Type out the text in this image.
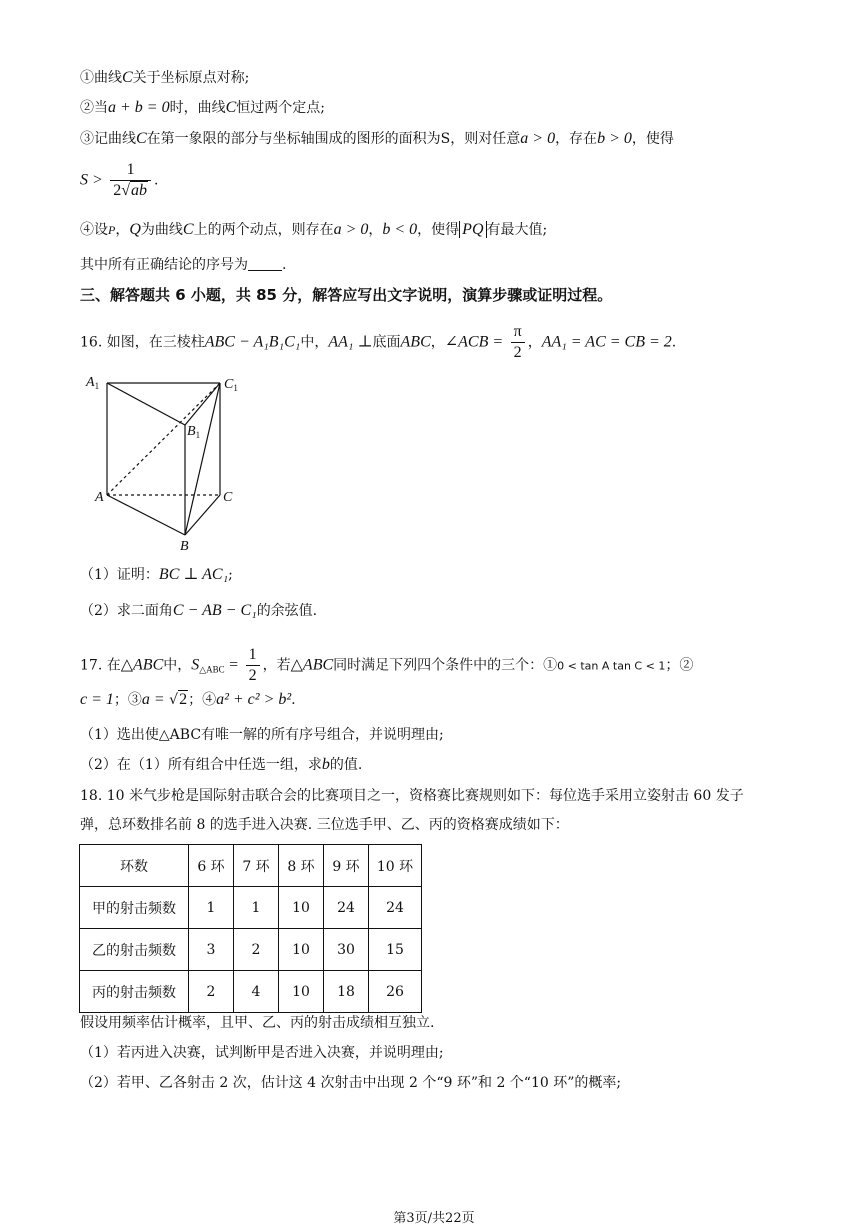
①曲线C关于坐标原点对称;
②当a + b = 0时，曲线C恒过两个定点;
③记曲线C在第一象限的部分与坐标轴围成的图形的面积为S，则对任意a > 0，存在b > 0，使得
$S > \frac{1}{2√ab}$ .
④设P，Q为曲线C上的两个动点，则存在a > 0，b < 0，使得 PQ 有最大值;
其中所有正确结论的序号为 .
三、解答题共 6 小题，共 85 分，解答应写出文字说明，演算步骤或证明过程。
16. 如图，在三棱柱ABC − A₁B₁C₁中，AA₁ ⊥底面ABC，∠ACB = $\frac{\pi}{2}$ ，AA₁ = AC = CB = 2.
$A_1$	$C_1$
$B_1$
A	C
B
（1）证明：BC ⊥ AC₁;
（2）求二面角C − AB − C₁的余弦值.
17. 在△ABC中，$S_{\triangle ABC} = \frac{1}{2}$ ，若△ABC同时满足下列四个条件中的三个：①0 < tan A tan C < 1；②
c = 1；③a = √2；④a² + c² > b².
（1）选出使△ABC有唯一解的所有序号组合，并说明理由;
（2）在（1）所有组合中任选一组，求b的值.
18. 10 米气步枪是国际射击联合会的比赛项目之一，资格赛比赛规则如下：每位选手采用立姿射击 60 发子
弹，总环数排名前 8 的选手进入决赛. 三位选手甲、乙、丙的资格赛成绩如下：
环数	6 环	7 环	8 环	9 环	10 环
甲的射击频数	1	1	10	24	24
乙的射击频数	3	2	10	30	15
丙的射击频数	2	4	10	18	26
假设用频率估计概率，且甲、乙、丙的射击成绩相互独立.
（1）若丙进入决赛，试判断甲是否进入决赛，并说明理由;
（2）若甲、乙各射击 2 次，估计这 4 次射击中出现 2 个“9 环”和 2 个“10 环”的概率;
第3页/共22页
